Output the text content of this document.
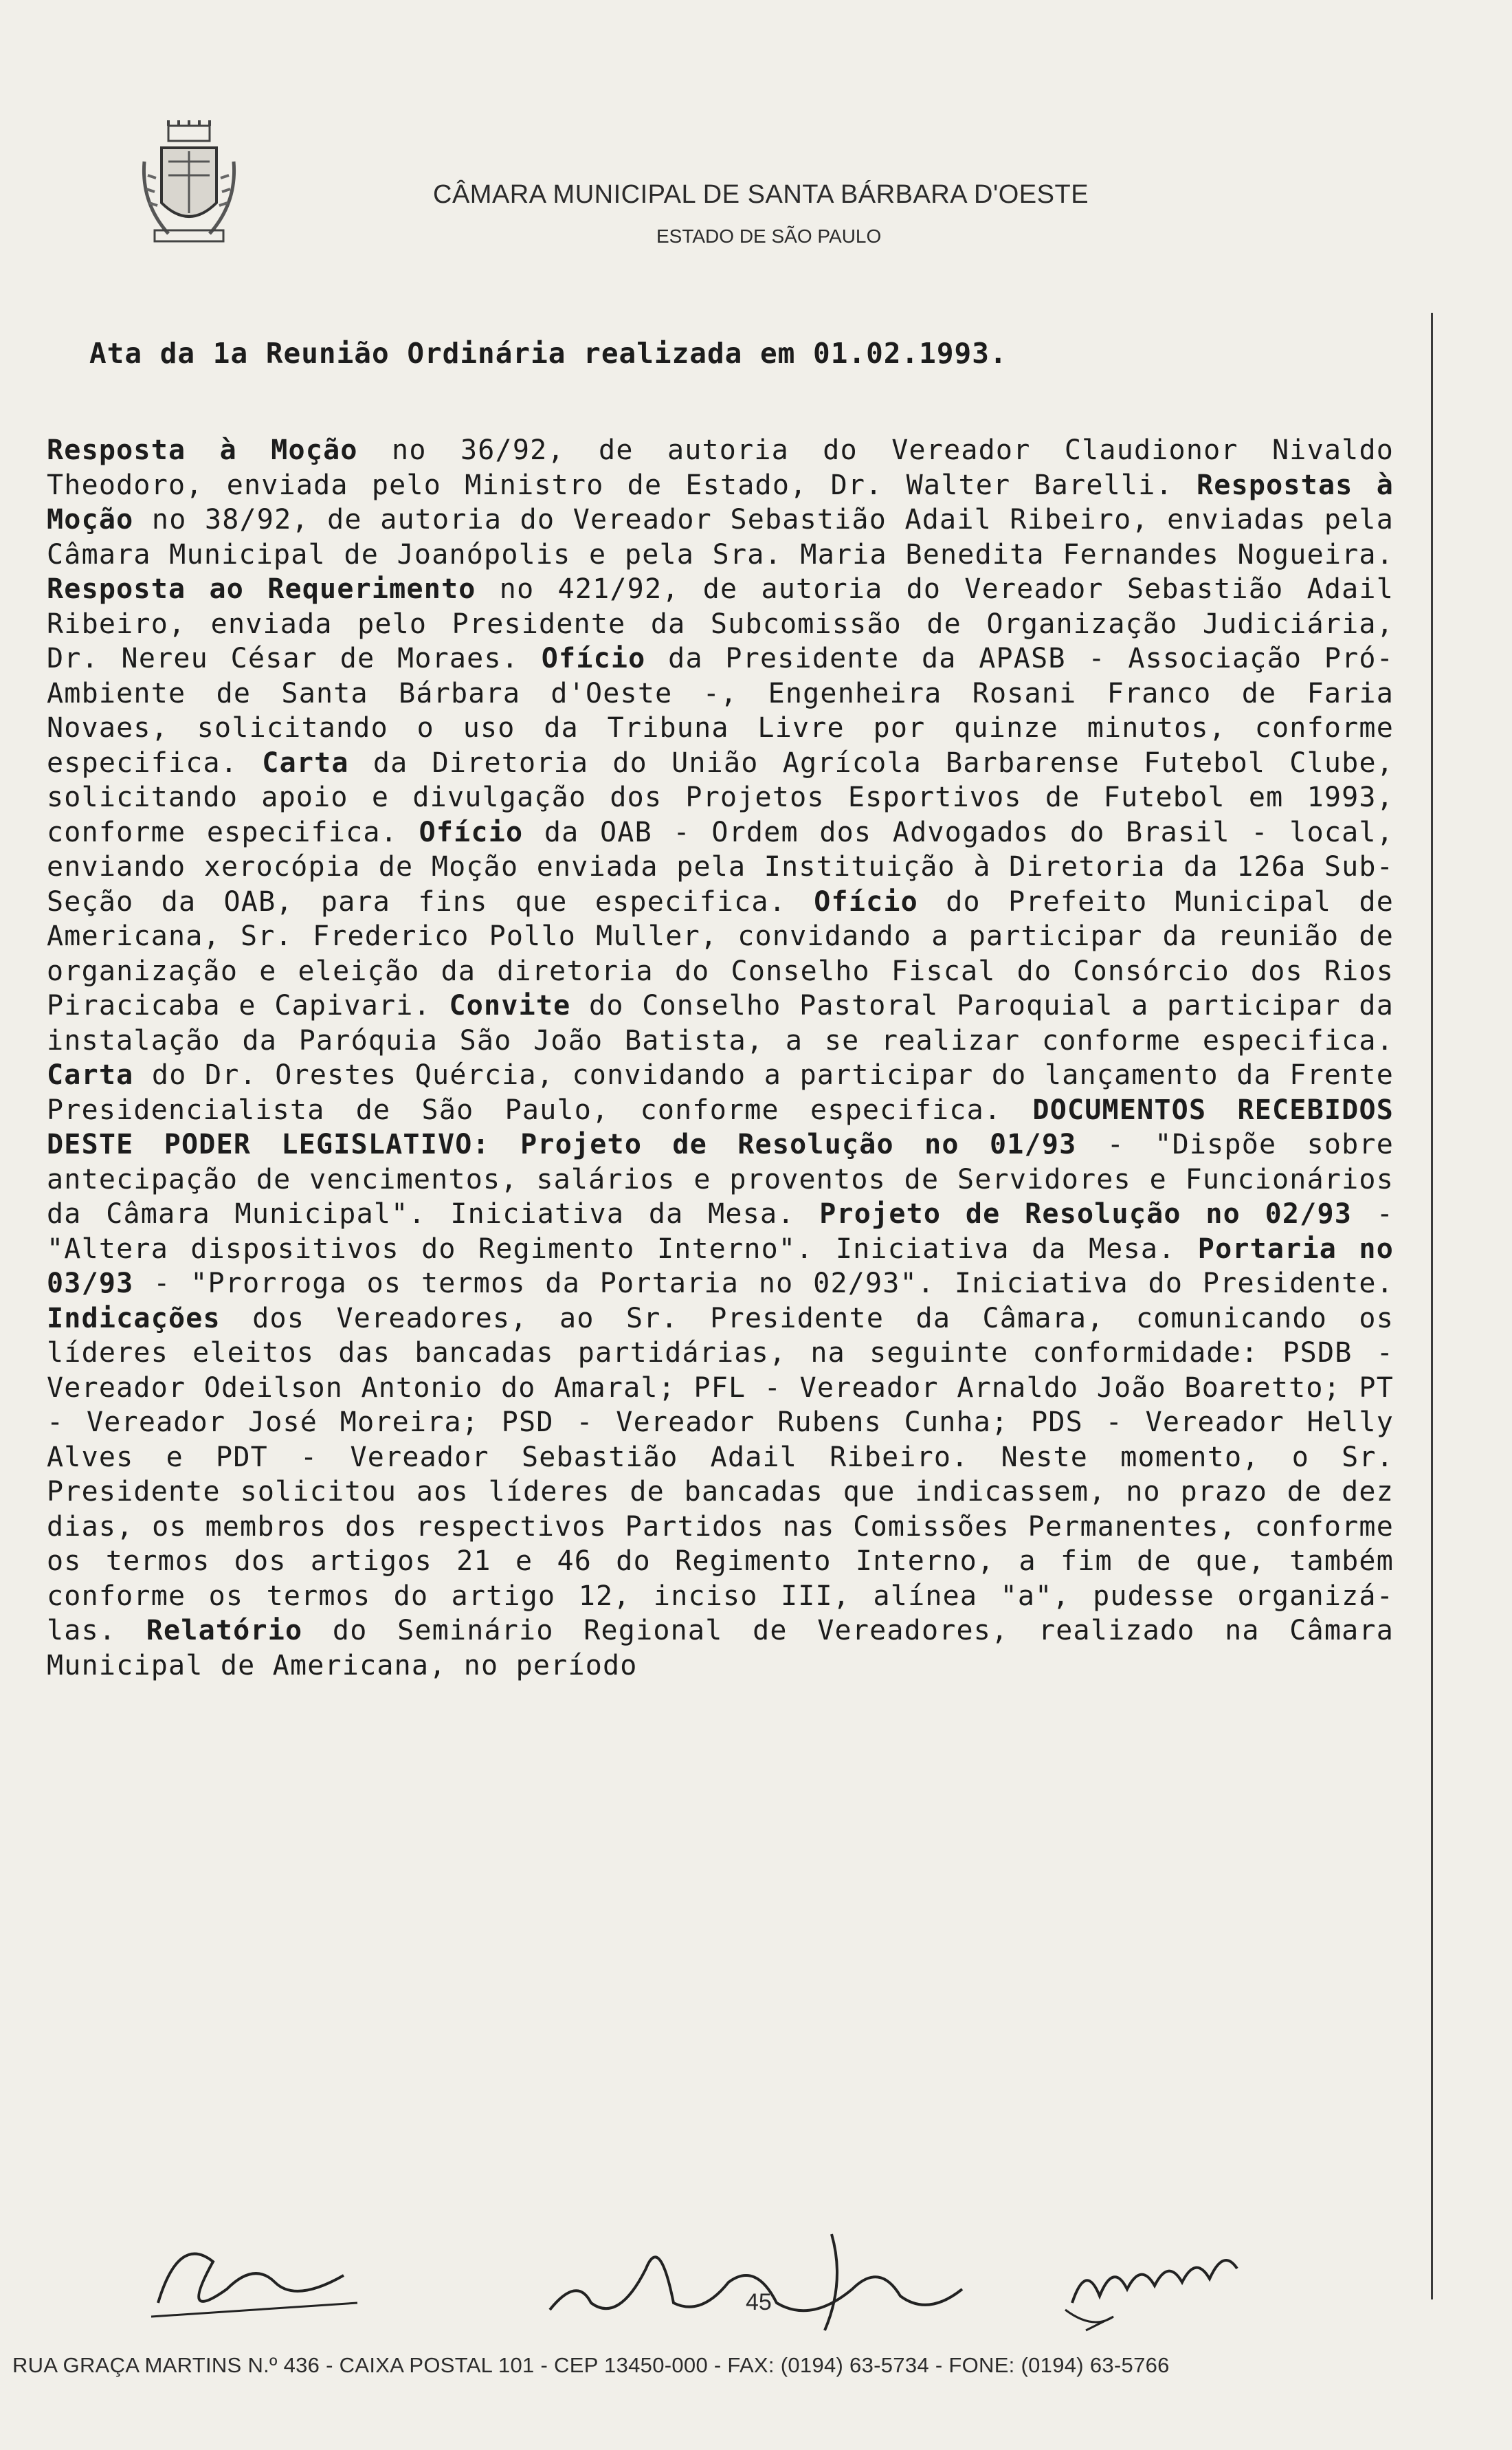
CÂMARA MUNICIPAL DE SANTA BÁRBARA D'OESTE
ESTADO DE SÃO PAULO
Ata da 1a Reunião Ordinária realizada em 01.02.1993.
Resposta à Moção no 36/92, de autoria do Vereador Claudionor Nivaldo Theodoro, enviada pelo Ministro de Estado, Dr. Walter Barelli. Respostas à Moção no 38/92, de autoria do Vereador Sebastião Adail Ribeiro, enviadas pela Câmara Municipal de Joanópolis e pela Sra. Maria Benedita Fernandes Nogueira. Resposta ao Requerimento no 421/92, de autoria do Vereador Sebastião Adail Ribeiro, enviada pelo Presidente da Subcomissão de Organização Judiciária, Dr. Nereu César de Moraes. Ofício da Presidente da APASB - Associação Pró-Ambiente de Santa Bárbara d'Oeste -, Engenheira Rosani Franco de Faria Novaes, solicitando o uso da Tribuna Livre por quinze minutos, conforme especifica. Carta da Diretoria do União Agrícola Barbarense Futebol Clube, solicitando apoio e divulgação dos Projetos Esportivos de Futebol em 1993, conforme especifica. Ofício da OAB - Ordem dos Advogados do Brasil - local, enviando xerocópia de Moção enviada pela Instituição à Diretoria da 126a Sub-Seção da OAB, para fins que especifica. Ofício do Prefeito Municipal de Americana, Sr. Frederico Pollo Muller, convidando a participar da reunião de organização e eleição da diretoria do Conselho Fiscal do Consórcio dos Rios Piracicaba e Capivari. Convite do Conselho Pastoral Paroquial a participar da instalação da Paróquia São João Batista, a se realizar conforme especifica. Carta do Dr. Orestes Quércia, convidando a participar do lançamento da Frente Presidencialista de São Paulo, conforme especifica. DOCUMENTOS RECEBIDOS DESTE PODER LEGISLATIVO: Projeto de Resolução no 01/93 - "Dispõe sobre antecipação de vencimentos, salários e proventos de Servidores e Funcionários da Câmara Municipal". Iniciativa da Mesa. Projeto de Resolução no 02/93 - "Altera dispositivos do Regimento Interno". Iniciativa da Mesa. Portaria no 03/93 - "Prorroga os termos da Portaria no 02/93". Iniciativa do Presidente. Indicações dos Vereadores, ao Sr. Presidente da Câmara, comunicando os líderes eleitos das bancadas partidárias, na seguinte conformidade: PSDB - Vereador Odeilson Antonio do Amaral; PFL - Vereador Arnaldo João Boaretto; PT - Vereador José Moreira; PSD - Vereador Rubens Cunha; PDS - Vereador Helly Alves e PDT - Vereador Sebastião Adail Ribeiro. Neste momento, o Sr. Presidente solicitou aos líderes de bancadas que indicassem, no prazo de dez dias, os membros dos respectivos Partidos nas Comissões Permanentes, conforme os termos dos artigos 21 e 46 do Regimento Interno, a fim de que, também conforme os termos do artigo 12, inciso III, alínea "a", pudesse organizá-las. Relatório do Seminário Regional de Vereadores, realizado na Câmara Municipal de Americana, no período
45
RUA GRAÇA MARTINS N.º 436 - CAIXA POSTAL 101 - CEP 13450-000 - FAX: (0194) 63-5734 - FONE: (0194) 63-5766
